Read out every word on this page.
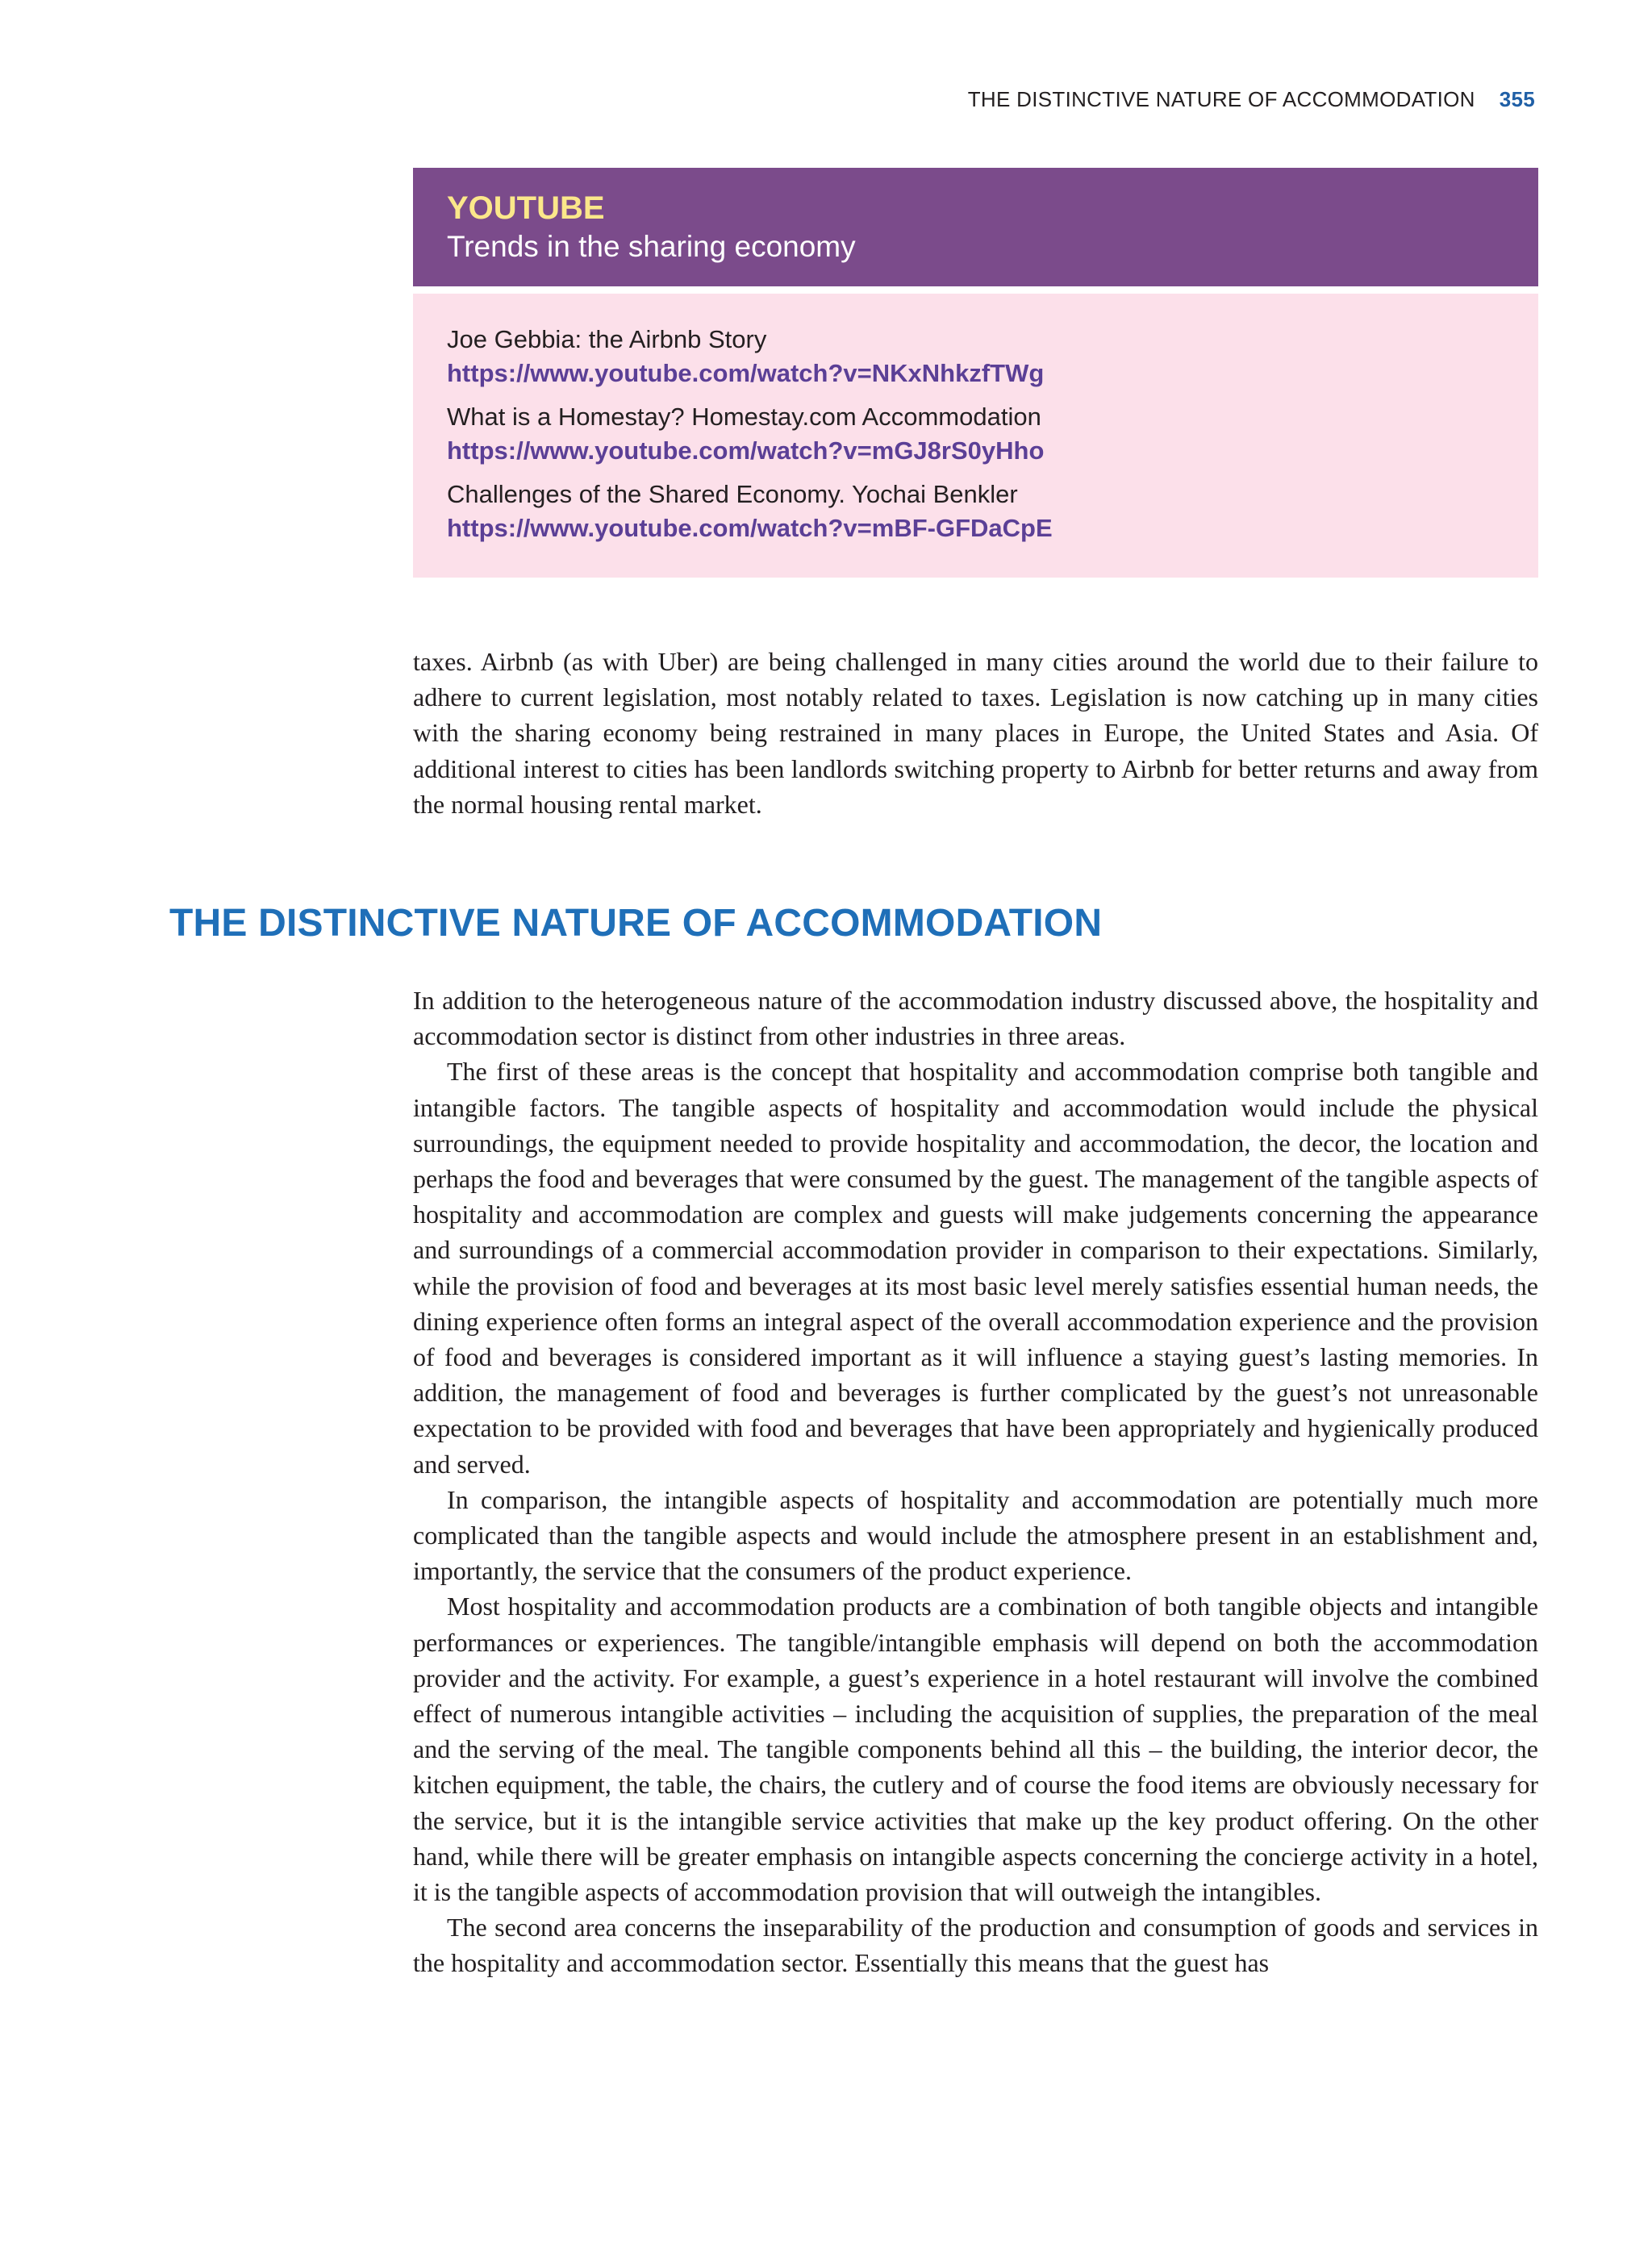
THE DISTINCTIVE NATURE OF ACCOMMODATION 355
YOUTUBE
Trends in the sharing economy
Joe Gebbia: the Airbnb Story
https://www.youtube.com/watch?v=NKxNhkzfTWg
What is a Homestay? Homestay.com Accommodation
https://www.youtube.com/watch?v=mGJ8rS0yHho
Challenges of the Shared Economy. Yochai Benkler
https://www.youtube.com/watch?v=mBF-GFDaCpE

taxes. Airbnb (as with Uber) are being challenged in many cities around the world due to their failure to adhere to current legislation, most notably related to taxes. Legislation is now catching up in many cities with the sharing economy being restrained in many places in Europe, the United States and Asia. Of additional interest to cities has been landlords switching property to Airbnb for better returns and away from the normal housing rental market.

THE DISTINCTIVE NATURE OF ACCOMMODATION

In addition to the heterogeneous nature of the accommodation industry discussed above, the hospitality and accommodation sector is distinct from other industries in three areas.

The first of these areas is the concept that hospitality and accommodation comprise both tangible and intangible factors. The tangible aspects of hospitality and accommodation would include the physical surroundings, the equipment needed to provide hospitality and accommodation, the decor, the location and perhaps the food and beverages that were consumed by the guest. The management of the tangible aspects of hospitality and accommodation are complex and guests will make judgements concerning the appearance and surroundings of a commercial accommodation provider in comparison to their expectations. Similarly, while the provision of food and beverages at its most basic level merely satisfies essential human needs, the dining experience often forms an integral aspect of the overall accommodation experience and the provision of food and beverages is considered important as it will influence a staying guest’s lasting memories. In addition, the management of food and beverages is further complicated by the guest’s not unreasonable expectation to be provided with food and beverages that have been appropriately and hygienically produced and served.

In comparison, the intangible aspects of hospitality and accommodation are potentially much more complicated than the tangible aspects and would include the atmosphere present in an establishment and, importantly, the service that the consumers of the product experience.

Most hospitality and accommodation products are a combination of both tangible objects and intangible performances or experiences. The tangible/intangible emphasis will depend on both the accommodation provider and the activity. For example, a guest’s experience in a hotel restaurant will involve the combined effect of numerous intangible activities – including the acquisition of supplies, the preparation of the meal and the serving of the meal. The tangible components behind all this – the building, the interior decor, the kitchen equipment, the table, the chairs, the cutlery and of course the food items are obviously necessary for the service, but it is the intangible service activities that make up the key product offering. On the other hand, while there will be greater emphasis on intangible aspects concerning the concierge activity in a hotel, it is the tangible aspects of accommodation provision that will outweigh the intangibles.

The second area concerns the inseparability of the production and consumption of goods and services in the hospitality and accommodation sector. Essentially this means that the guest has
